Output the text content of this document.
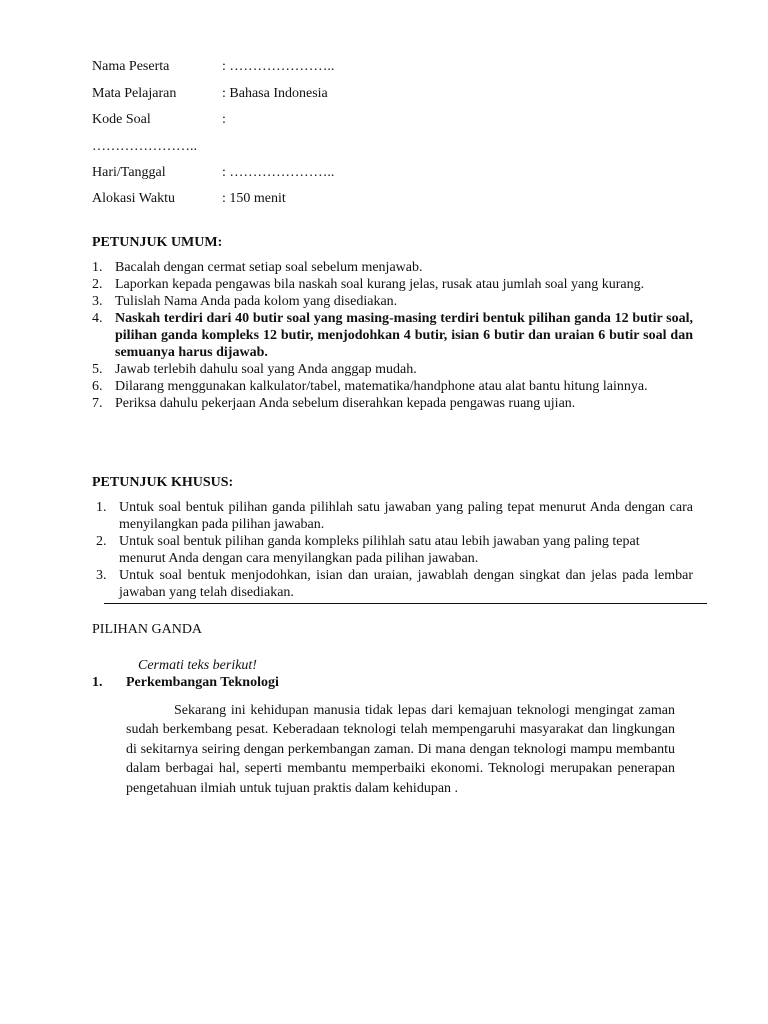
Nama Peserta	: …………………..
Mata Pelajaran	: Bahasa Indonesia
Kode Soal	:
…………………..
Hari/Tanggal	: …………………..
Alokasi Waktu	: 150 menit
PETUNJUK UMUM:
1. Bacalah dengan cermat setiap soal sebelum menjawab.
2. Laporkan kepada pengawas bila naskah soal kurang jelas, rusak atau jumlah soal yang kurang.
3. Tulislah Nama Anda pada kolom yang disediakan.
4. Naskah terdiri dari 40 butir soal yang masing-masing terdiri bentuk pilihan ganda 12 butir soal, pilihan ganda kompleks 12 butir, menjodohkan 4 butir, isian 6 butir dan uraian 6 butir soal dan semuanya harus dijawab.
5. Jawab terlebih dahulu soal yang Anda anggap mudah.
6. Dilarang menggunakan kalkulator/tabel, matematika/handphone atau alat bantu hitung lainnya.
7. Periksa dahulu pekerjaan Anda sebelum diserahkan kepada pengawas ruang ujian.
PETUNJUK KHUSUS:
1. Untuk soal bentuk pilihan ganda pilihlah satu jawaban yang paling tepat menurut Anda dengan cara menyilangkan pada pilihan jawaban.
2. Untuk soal bentuk pilihan ganda kompleks pilihlah satu atau lebih jawaban yang paling tepat menurut Anda dengan cara menyilangkan pada pilihan jawaban.
3. Untuk soal bentuk menjodohkan, isian dan uraian, jawablah dengan singkat dan jelas pada lembar jawaban yang telah disediakan.
PILIHAN GANDA
Cermati teks berikut!
1. Perkembangan Teknologi

Sekarang ini kehidupan manusia tidak lepas dari kemajuan teknologi mengingat zaman sudah berkembang pesat. Keberadaan teknologi telah mempengaruhi masyarakat dan lingkungan di sekitarnya seiring dengan perkembangan zaman. Di mana dengan teknologi mampu membantu dalam berbagai hal, seperti membantu memperbaiki ekonomi. Teknologi merupakan penerapan pengetahuan ilmiah untuk tujuan praktis dalam kehidupan .
